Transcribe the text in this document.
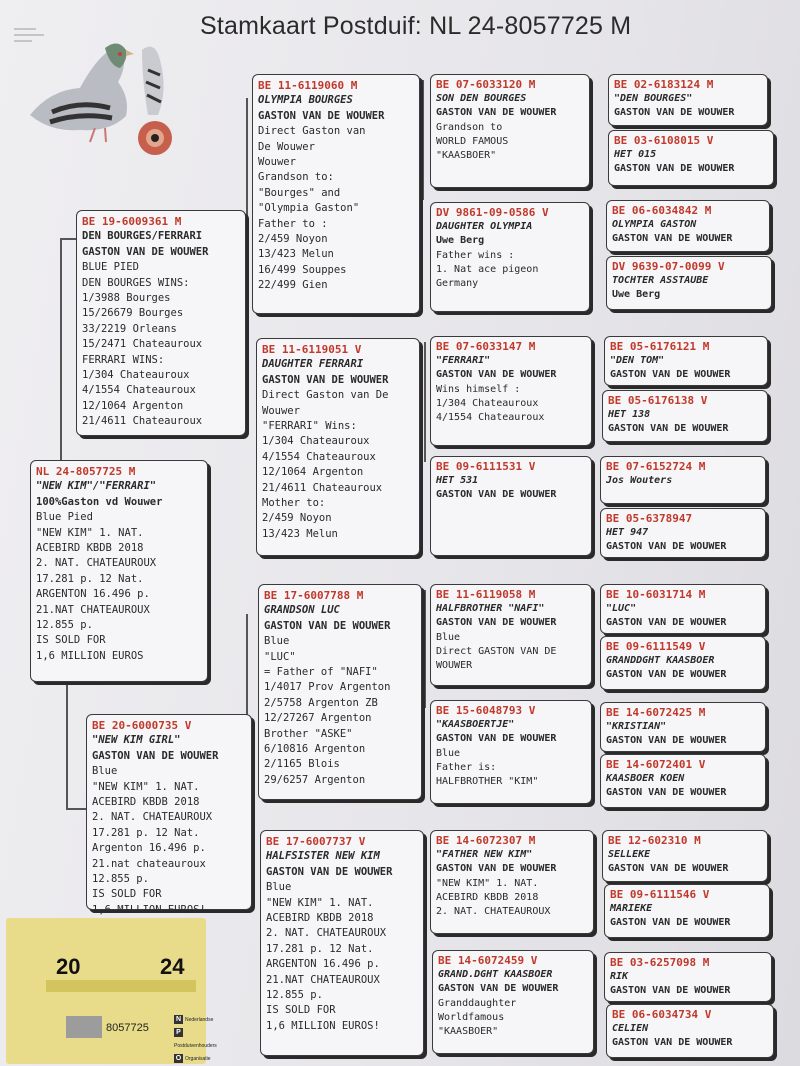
Stamkaart Postduif: NL 24-8057725 M
NL 24-8057725 M
"NEW KIM"/"FERRARI"
100%Gaston vd Wouwer
Blue Pied
"NEW KIM" 1. NAT.
ACEBIRD KBDB 2018
2. NAT. CHATEAUROUX
17.281 p. 12 Nat.
ARGENTON 16.496 p.
21.NAT CHATEAUROUX
12.855 p.
IS SOLD FOR
1,6 MILLION EUROS
BE 19-6009361 M
DEN BOURGES/FERRARI
GASTON VAN DE WOUWER
BLUE PIED
DEN BOURGES WINS:
1/3988 Bourges
15/26679 Bourges
33/2219 Orleans
15/2471 Chateauroux
FERRARI WINS:
1/304 Chateauroux
4/1554 Chateauroux
12/1064 Argenton
21/4611 Chateauroux
BE 20-6000735 V
"NEW KIM GIRL"
GASTON VAN DE WOUWER
Blue
"NEW KIM" 1. NAT.
ACEBIRD KBDB 2018
2. NAT. CHATEAUROUX
17.281 p. 12 Nat.
Argenton 16.496 p.
21.nat chateauroux
12.855 p.
IS SOLD FOR
1,6 MILLION EUROS!
BE 11-6119060 M
OLYMPIA BOURGES
GASTON VAN DE WOUWER
Direct Gaston van
De Wouwer
Wouwer
Grandson to:
"Bourges" and
"Olympia Gaston"
Father to :
2/459 Noyon
13/423 Melun
16/499 Souppes
22/499 Gien
BE 11-6119051 V
DAUGHTER FERRARI
GASTON VAN DE WOUWER
Direct Gaston van De
Wouwer
"FERRARI" Wins:
1/304 Chateauroux
4/1554 Chateauroux
12/1064 Argenton
21/4611 Chateauroux
Mother to:
2/459 Noyon
13/423 Melun
BE 17-6007788 M
GRANDSON LUC
GASTON VAN DE WOUWER
Blue
"LUC"
= Father of "NAFI"
1/4017 Prov Argenton
2/5758 Argenton ZB
12/27267 Argenton
Brother "ASKE"
6/10816 Argenton
2/1165 Blois
29/6257 Argenton
BE 17-6007737 V
HALFSISTER NEW KIM
GASTON VAN DE WOUWER
Blue
"NEW KIM" 1. NAT.
ACEBIRD KBDB 2018
2. NAT. CHATEAUROUX
17.281 p. 12 Nat.
ARGENTON 16.496 p.
21.NAT CHATEAUROUX
12.855 p.
IS SOLD FOR
1,6 MILLION EUROS!
BE 07-6033120 M
SON DEN BOURGES
GASTON VAN DE WOUWER
Grandson to
WORLD FAMOUS
"KAASBOER"
DV 9861-09-0586 V
DAUGHTER OLYMPIA
Uwe Berg
Father wins :
1. Nat ace pigeon
Germany
BE 07-6033147 M
"FERRARI"
GASTON VAN DE WOUWER
Wins himself :
1/304 Chateauroux
4/1554 Chateauroux
BE 09-6111531 V
HET 531
GASTON VAN DE WOUWER
BE 11-6119058 M
HALFBROTHER "NAFI"
GASTON VAN DE WOUWER
Blue
Direct GASTON VAN DE
WOUWER
BE 15-6048793 V
"KAASBOERTJE"
GASTON VAN DE WOUWER
Blue
Father is:
HALFBROTHER "KIM"
BE 14-6072307 M
"FATHER NEW KIM"
GASTON VAN DE WOUWER
"NEW KIM" 1. NAT.
ACEBIRD KBDB 2018
2. NAT. CHATEAUROUX
BE 14-6072459 V
GRAND.DGHT KAASBOER
GASTON VAN DE WOUWER
Granddaughter
Worldfamous
"KAASBOER"
BE 02-6183124 M
"DEN BOURGES"
GASTON VAN DE WOUWER
BE 03-6108015 V
HET 015
GASTON VAN DE WOUWER
BE 06-6034842 M
OLYMPIA GASTON
GASTON VAN DE WOUWER
DV 9639-07-0099 V
TOCHTER ASSTAUBE
Uwe Berg
BE 05-6176121 M
"DEN TOM"
GASTON VAN DE WOUWER
BE 05-6176138 V
HET 138
GASTON VAN DE WOUWER
BE 07-6152724 M
Jos Wouters
BE 05-6378947
HET 947
GASTON VAN DE WOUWER
BE 10-6031714 M
"LUC"
GASTON VAN DE WOUWER
BE 09-6111549 V
GRANDDGHT KAASBOER
GASTON VAN DE WOUWER
BE 14-6072425 M
"KRISTIAN"
GASTON VAN DE WOUWER
BE 14-6072401 V
KAASBOER KOEN
GASTON VAN DE WOUWER
BE 12-602310 M
SELLEKE
GASTON VAN DE WOUWER
BE 09-6111546 V
MARIEKE
GASTON VAN DE WOUWER
BE 03-6257098 M
RIK
GASTON VAN DE WOUWER
BE 06-6034734 V
CELIEN
GASTON VAN DE WOUWER
20	24
8057725
N Nederlandse
PPostduivenhouders
O Organisatie
